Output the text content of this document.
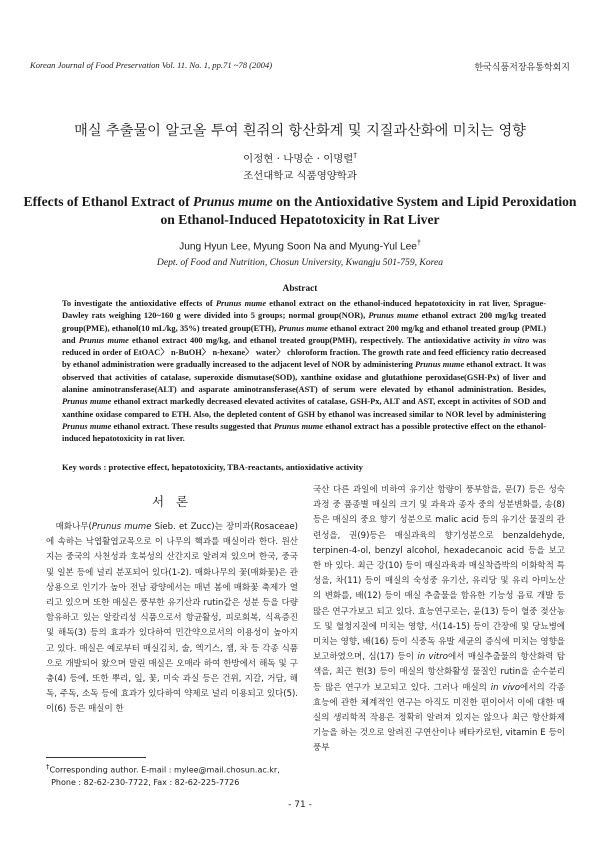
Korean Journal of Food Preservation Vol. 11. No. 1, pp.71 ~78 (2004)	한국식품저장유통학회지
매실 추출물이 알코올 투여 흰쥐의 항산화계 및 지질과산화에 미치는 영향
이정현 · 나명순 · 이명렬†
조선대학교 식품영양학과
Effects of Ethanol Extract of Prunus mume on the Antioxidative System and Lipid Peroxidation on Ethanol-Induced Hepatotoxicity in Rat Liver
Jung Hyun Lee, Myung Soon Na and Myung-Yul Lee†
Dept. of Food and Nutrition, Chosun University, Kwangju 501-759, Korea
Abstract
To investigate the antioxidative effects of Prunus mume ethanol extract on the ethanol-induced hepatotoxicity in rat liver, Sprague-Dawley rats weighing 120~160 g were divided into 5 groups; normal group(NOR), Prunus mume ethanol extract 200 mg/kg treated group(PME), ethanol(10 mL/kg, 35%) treated group(ETH), Prunus mume ethanol extract 200 mg/kg and ethanol treated group (PML) and Prunus mume ethanol extract 400 mg/kg, and ethanol treated group(PMH), respectively. The antioxidative activity in vitro was reduced in order of EtOAC〉 n-BuOH〉 n-hexane〉 water〉 chloroform fraction. The growth rate and feed efficiency ratio decreased by ethanol administration were gradually increased to the adjacent level of NOR by administering Prunus mume ethanol extract. It was observed that activities of catalase, superoxide dismutase(SOD), xanthine oxidase and glutathione peroxidase(GSH-Px) of liver and alanine aminotransferase(ALT) and asparate aminotransferase(AST) of serum were elevated by ethanol administration. Besides, Prunus mume ethanol extract markedly decreased elevated activites of catalase, GSH-Px, ALT and AST, except in activites of SOD and xanthine oxidase compared to ETH. Also, the depleted content of GSH by ethanol was increased similar to NOR level by administering Prunus mume ethanol extract. These results suggested that Prunus mume ethanol extract has a possible protective effect on the ethanol-induced hepatotoxicity in rat liver.
Key words : protective effect, hepatotoxicity, TBA-reactants, antioxidative activity
서 론
매화나무(Prunus mume Sieb. et Zucc)는 장미과(Rosaceae)에 속하는 낙엽활엽교목으로 이 나무의 핵과를 매실이라 한다. 원산지는 중국의 사천성과 호북성의 산간지로 알려져 있으며 한국, 중국 및 일본 등에 널리 분포되어 있다(1-2). 매화나무의 꽃(매화꽃)은 관상용으로 인기가 높아 전남 광양에서는 매년 봄에 매화꽃 축제가 열리고 있으며 또한 매실은 풍부한 유기산과 rutin같은 성분 등을 다량 함유하고 있는 알칼리성 식품으로서 항균활성, 피로회복, 식욕증진 및 해독(3) 등의 효과가 있다하여 민간약으로서의 이용성이 높아지고 있다. 매실은 예로부터 매실김치, 술, 엑기스, 잼, 차 등 각종 식품으로 개발되어 왔으며 말린 매실은 오매라 하여 한방에서 해독 및 구충(4) 등에, 또한 뿌리, 잎, 꽃, 미숙 과실 등은 건위, 지갈, 거담, 해독, 주독, 소독 등에 효과가 있다하여 약제로 널리 이용되고 있다(5). 이(6) 등은 매실이 한
국산 다른 과일에 비하여 유기산 함량이 풍부함을, 문(7) 등은 성숙과정 중 품종별 매실의 크기 및 과육과 종자 중의 성분변화를, 송(8) 등은 매실의 중요 향기 성분으로 malic acid 등의 유기산 물질의 관련성을, 권(9)등은 매실과육의 향기성분으로 benzaldehyde, terpinen-4-ol, benzyl alcohol, hexadecanoic acid 등을 보고한 바 있다. 최근 강(10) 등이 매실과육과 매실착즙박의 이화학적 특성을, 차(11) 등이 매실의 숙성중 유기산, 유리당 및 유리 아미노산의 변화를, 배(12) 등이 매실 추출물을 함유한 기능성 음료 개발 등 많은 연구가보고 되고 있다. 효능연구로는, 윤(13) 등이 혈중 젖산농도 및 혈청지질에 미치는 영향, 서(14-15) 등이 간장에 및 당뇨병에 미치는 영향, 배(16) 등이 식중독 유발 세균의 증식에 미치는 영향을 보고하였으며, 심(17) 등이 in vitro에서 매실추출물의 항산화력 탐색을, 최근 현(3) 등이 매실의 항산화활성 물질인 rutin을 순수분리 등 많은 연구가 보고되고 있다. 그러나 매실의 in vivo에서의 각종 효능에 관한 체계적인 연구는 아직도 미진한 편이어서 이에 대한 매실의 생리학적 작용은 정확히 알려져 있지는 않으나 최근 항산화제 기능을 하는 것으로 알려진 구연산이나 베타카로틴, vitamin E 등이 풍부
†Corresponding author. E-mail : mylee@mail.chosun.ac.kr,
Phone : 82-62-230-7722, Fax : 82-62-225-7726
- 71 -
